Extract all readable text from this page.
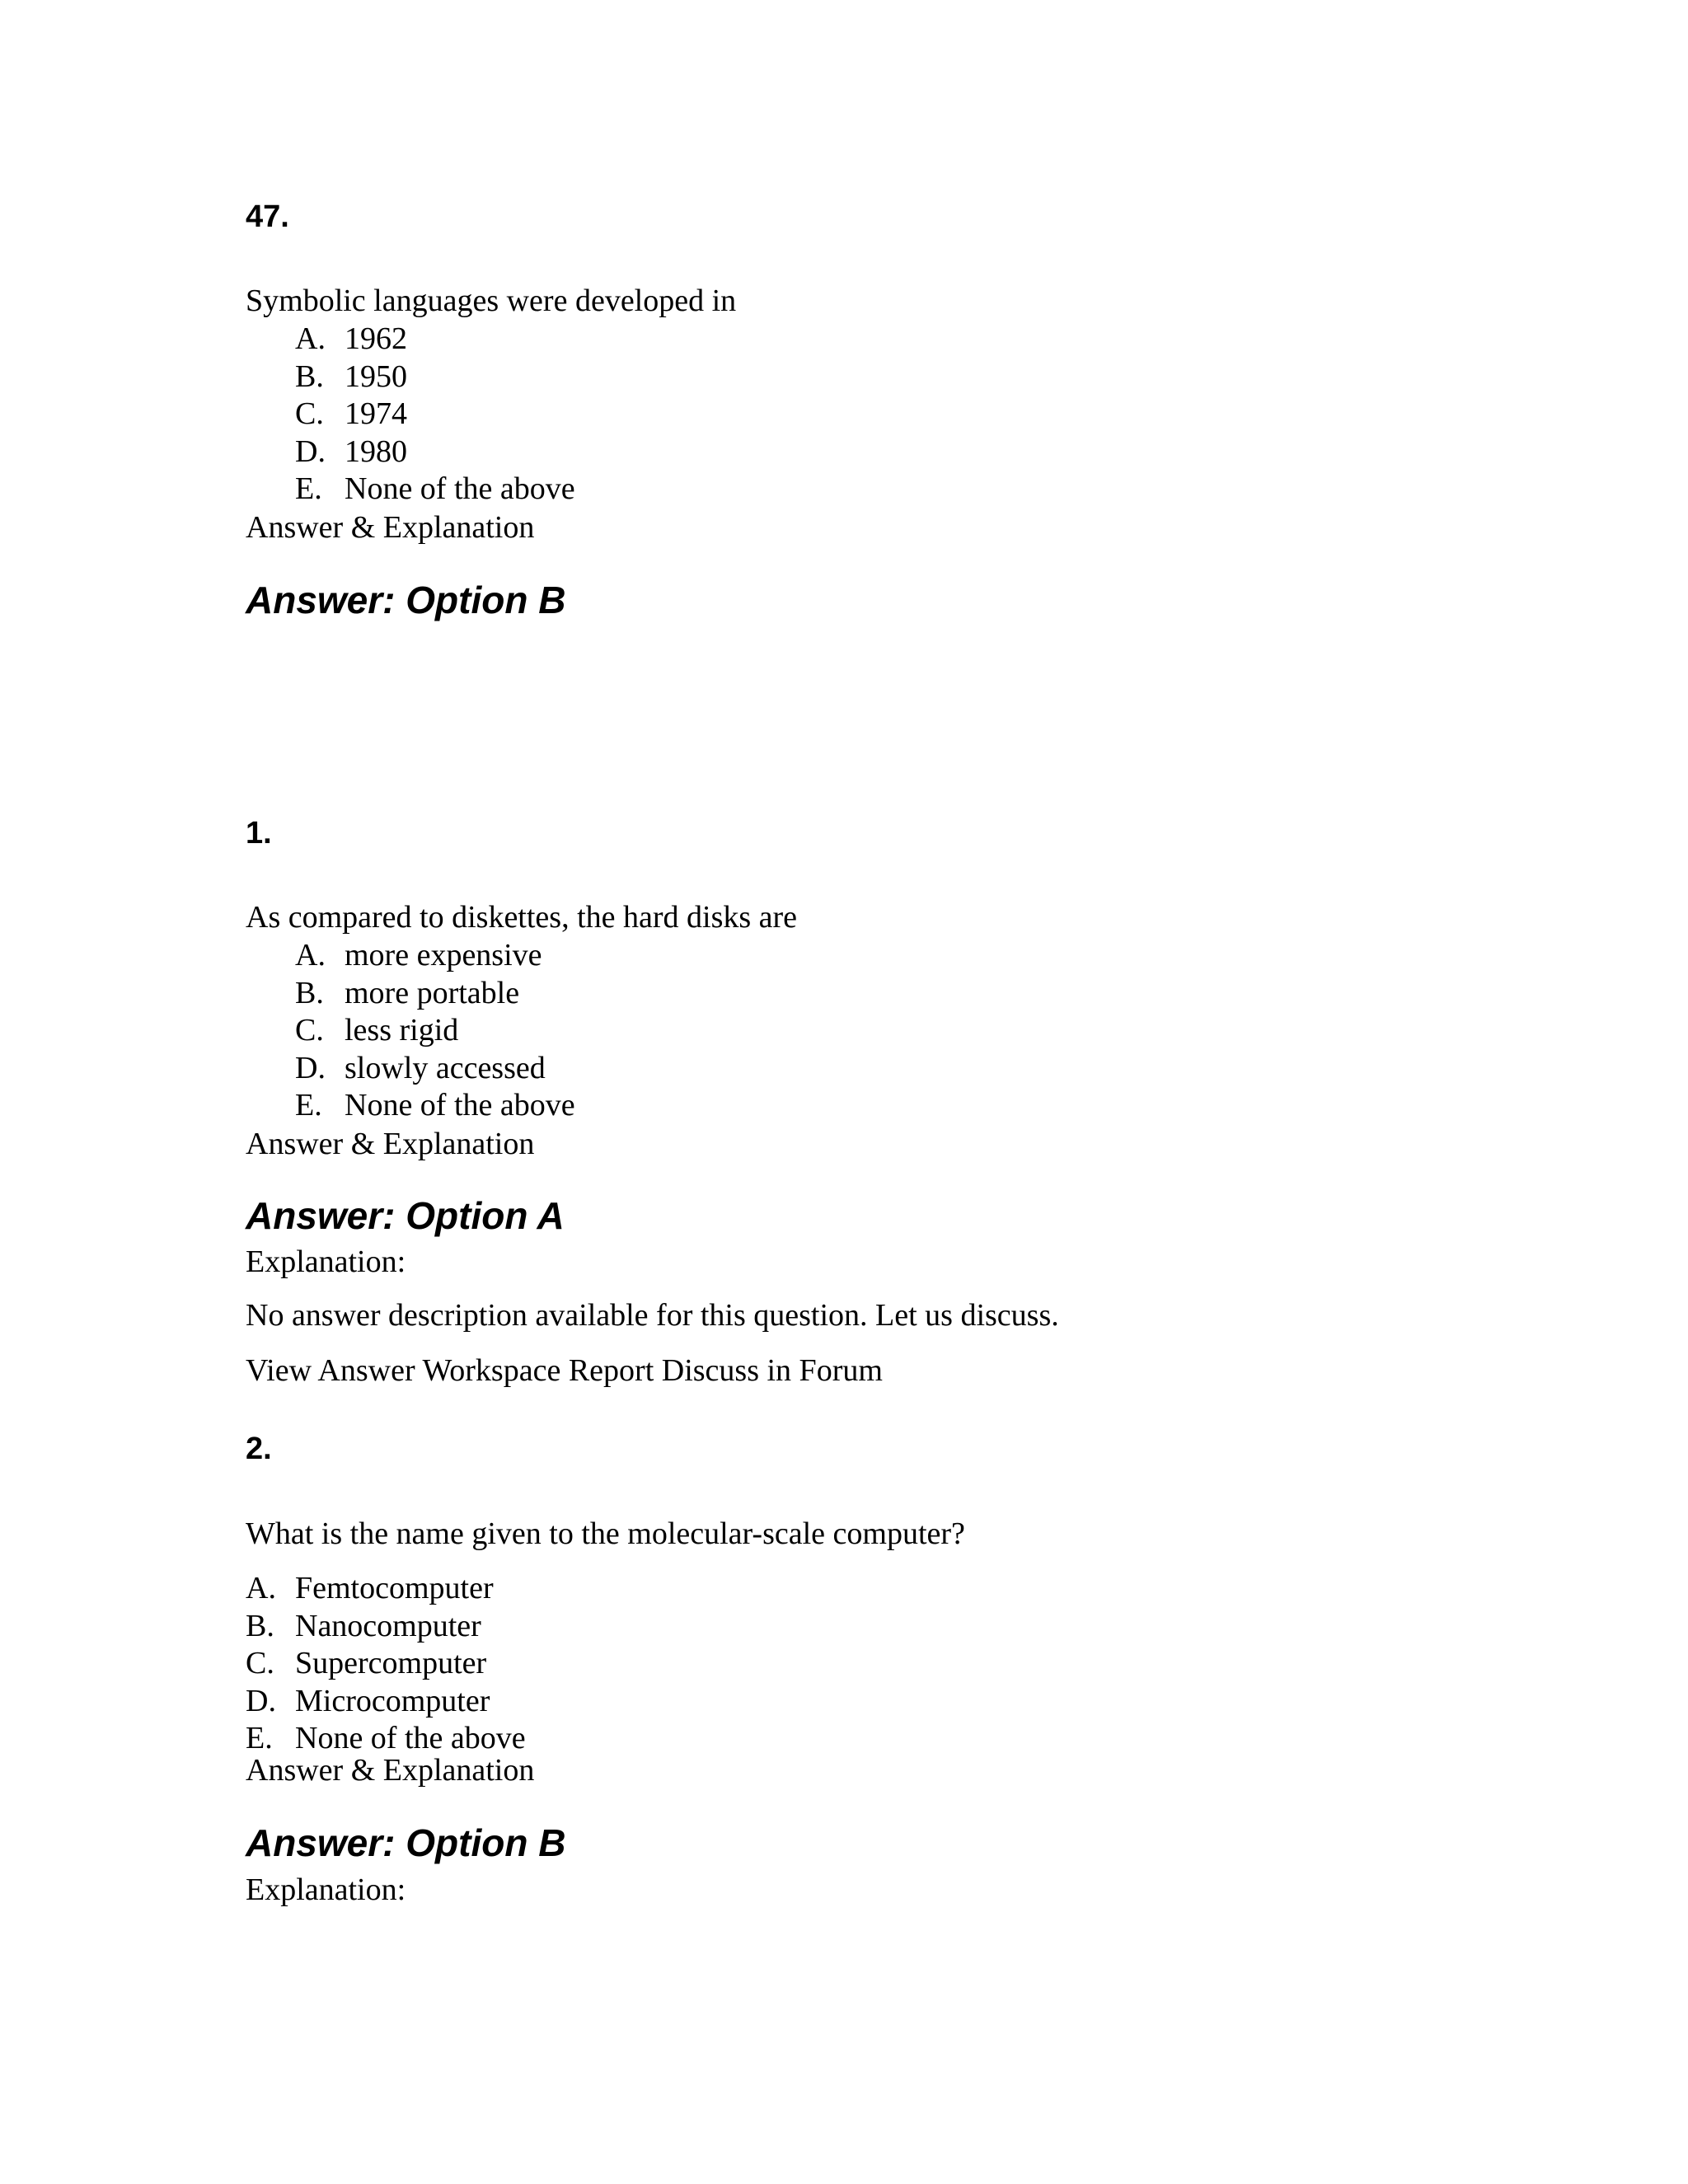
47.
Symbolic languages were developed in
A. 1962
B. 1950
C. 1974
D. 1980
E. None of the above
Answer & Explanation
Answer: Option B
1.
As compared to diskettes, the hard disks are
A. more expensive
B. more portable
C. less rigid
D. slowly accessed
E. None of the above
Answer & Explanation
Answer: Option A
Explanation:
No answer description available for this question. Let us discuss.
View Answer Workspace Report Discuss in Forum
2.
What is the name given to the molecular-scale computer?
A. Femtocomputer
B. Nanocomputer
C. Supercomputer
D. Microcomputer
E. None of the above
Answer & Explanation
Answer: Option B
Explanation:
